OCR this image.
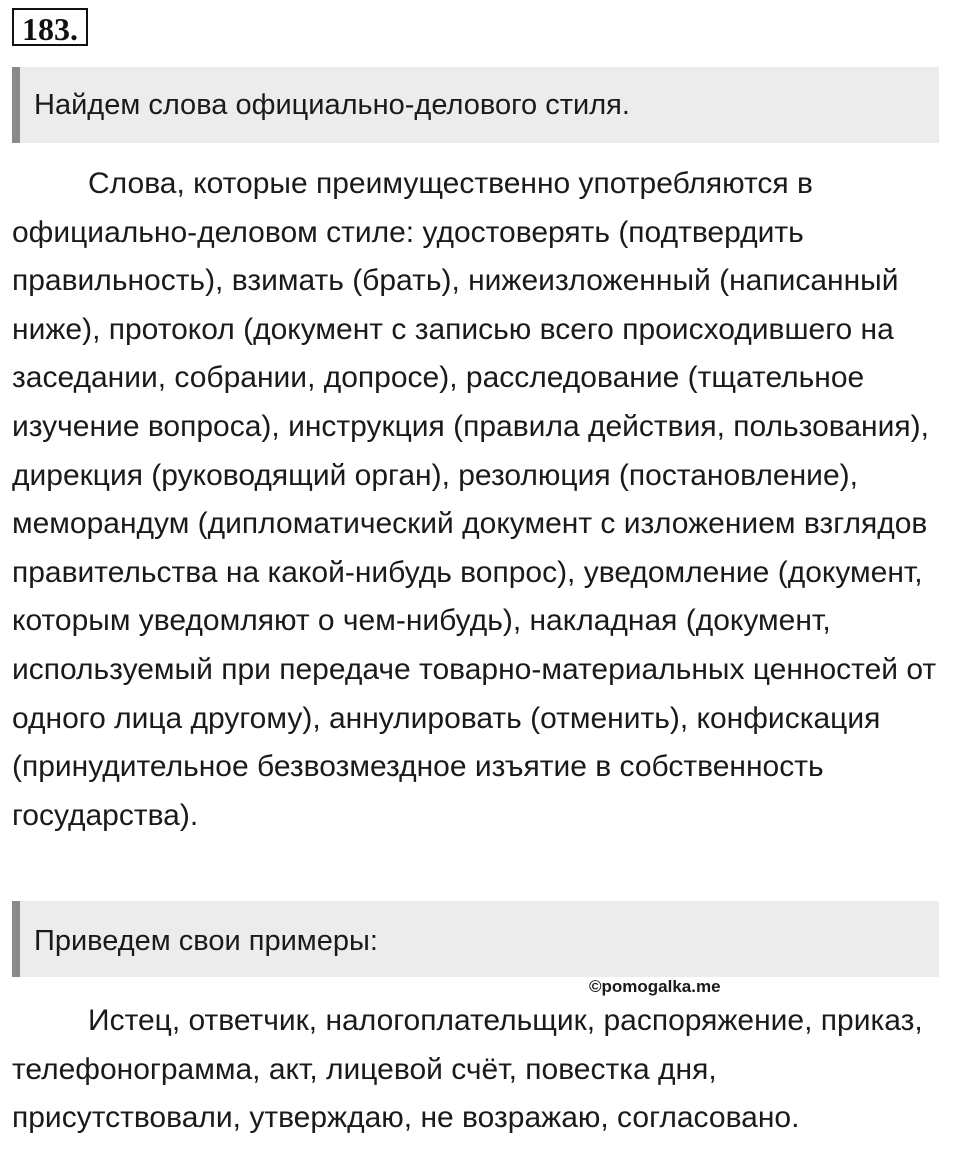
183.
Найдем слова официально-делового стиля.

Слова, которые преимущественно употребляются в официально-деловом стиле: удостоверять (подтвердить правильность), взимать (брать), нижеизложенный (написанный ниже), протокол (документ с записью всего происходившего на заседании, собрании, допросе), расследование (тщательное изучение вопроса), инструкция (правила действия, пользования), дирекция (руководящий орган), резолюция (постановление), меморандум (дипломатический документ с изложением взглядов правительства на какой-нибудь вопрос), уведомление (документ, которым уведомляют о чем-нибудь), накладная (документ, используемый при передаче товарно-материальных ценностей от одного лица другому), аннулировать (отменить), конфискация (принудительное безвозмездное изъятие в собственность государства).

Приведем свои примеры:
©pomogalka.me

Истец, ответчик, налогоплательщик, распоряжение, приказ, телефонограмма, акт, лицевой счёт, повестка дня, присутствовали, утверждаю, не возражаю, согласовано.
